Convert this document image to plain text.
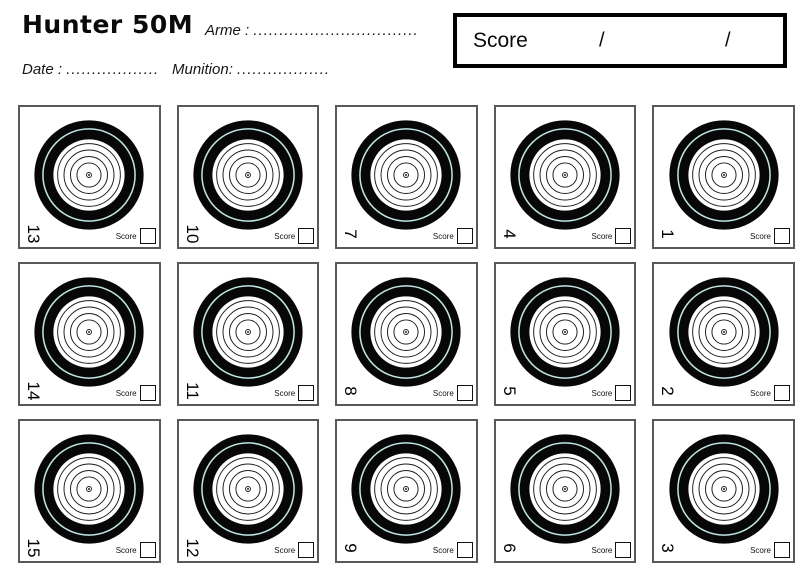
Hunter 50M Arme : ................................
Date : .................. Munition: ..................
Score	/	/
13	Score	10	Score	7	Score	4	Score	1	Score
14	Score	11	Score	8	Score	5	Score	2	Score
15	Score	12	Score	9	Score	6	Score	3	Score
